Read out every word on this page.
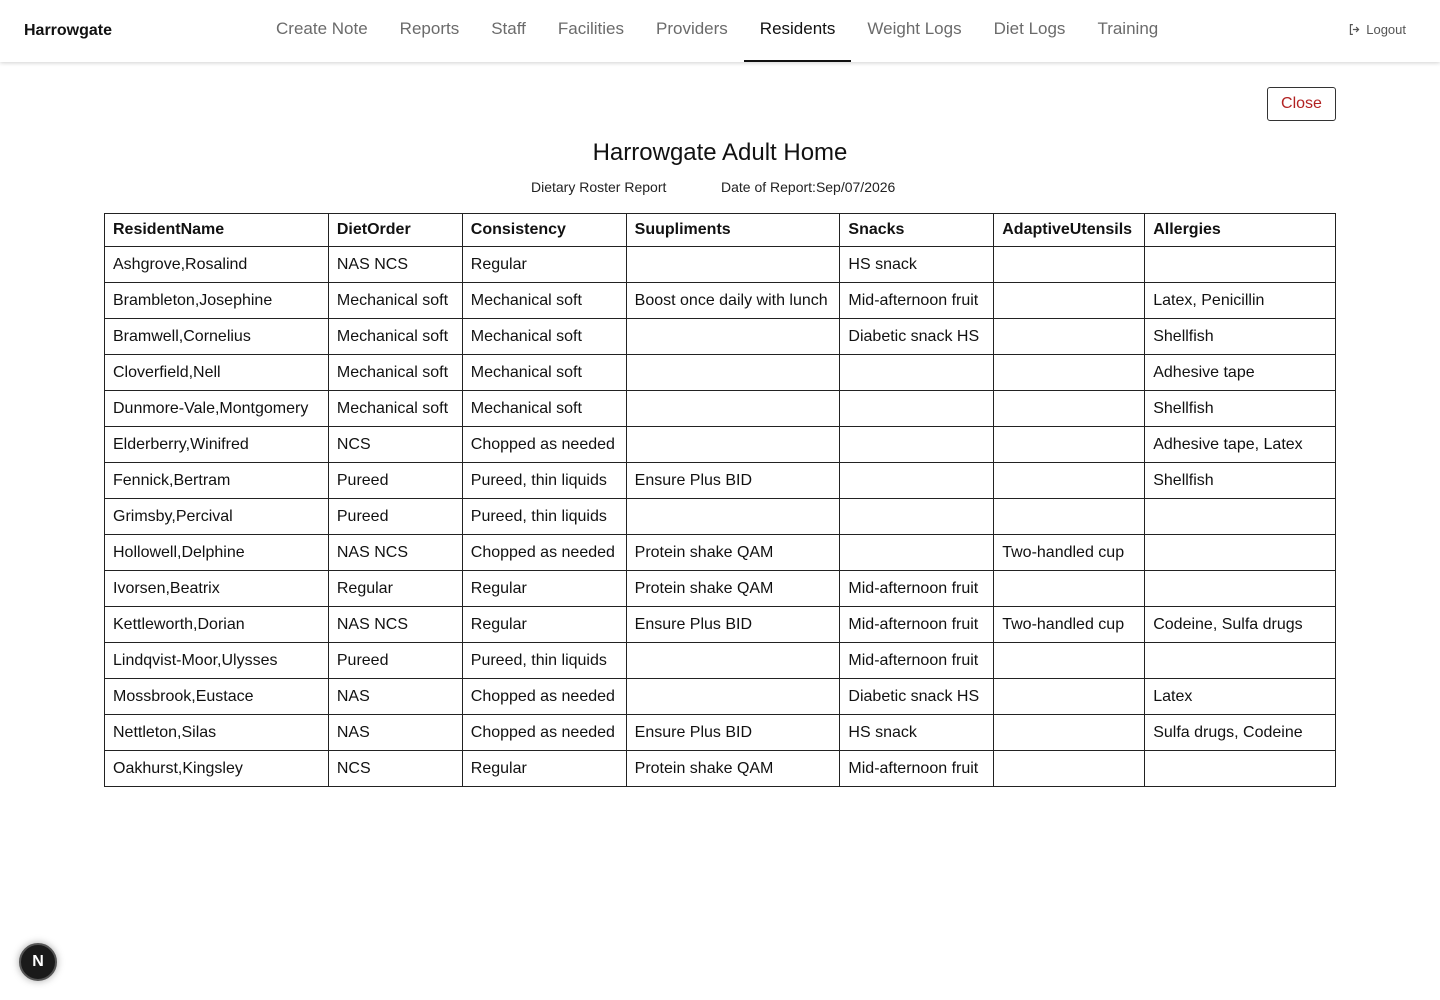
Harrowgate	Create Note Reports Staff Facilities Providers Residents Weight Logs Diet Logs Training	Logout
Close
Harrowgate Adult Home
Dietary Roster Report	Date of Report:Sep/07/2026
ResidentName	DietOrder	Consistency	Suupliments	Snacks	AdaptiveUtensils	Allergies
Ashgrove,Rosalind	NAS NCS	Regular		HS snack		
Brambleton,Josephine	Mechanical soft	Mechanical soft	Boost once daily with lunch	Mid-afternoon fruit		Latex, Penicillin
Bramwell,Cornelius	Mechanical soft	Mechanical soft		Diabetic snack HS		Shellfish
Cloverfield,Nell	Mechanical soft	Mechanical soft				Adhesive tape
Dunmore-Vale,Montgomery	Mechanical soft	Mechanical soft				Shellfish
Elderberry,Winifred	NCS	Chopped as needed				Adhesive tape, Latex
Fennick,Bertram	Pureed	Pureed, thin liquids	Ensure Plus BID			Shellfish
Grimsby,Percival	Pureed	Pureed, thin liquids				
Hollowell,Delphine	NAS NCS	Chopped as needed	Protein shake QAM		Two-handled cup	
Ivorsen,Beatrix	Regular	Regular	Protein shake QAM	Mid-afternoon fruit		
Kettleworth,Dorian	NAS NCS	Regular	Ensure Plus BID	Mid-afternoon fruit	Two-handled cup	Codeine, Sulfa drugs
Lindqvist-Moor,Ulysses	Pureed	Pureed, thin liquids		Mid-afternoon fruit		
Mossbrook,Eustace	NAS	Chopped as needed		Diabetic snack HS		Latex
Nettleton,Silas	NAS	Chopped as needed	Ensure Plus BID	HS snack		Sulfa drugs, Codeine
Oakhurst,Kingsley	NCS	Regular	Protein shake QAM	Mid-afternoon fruit		
N
